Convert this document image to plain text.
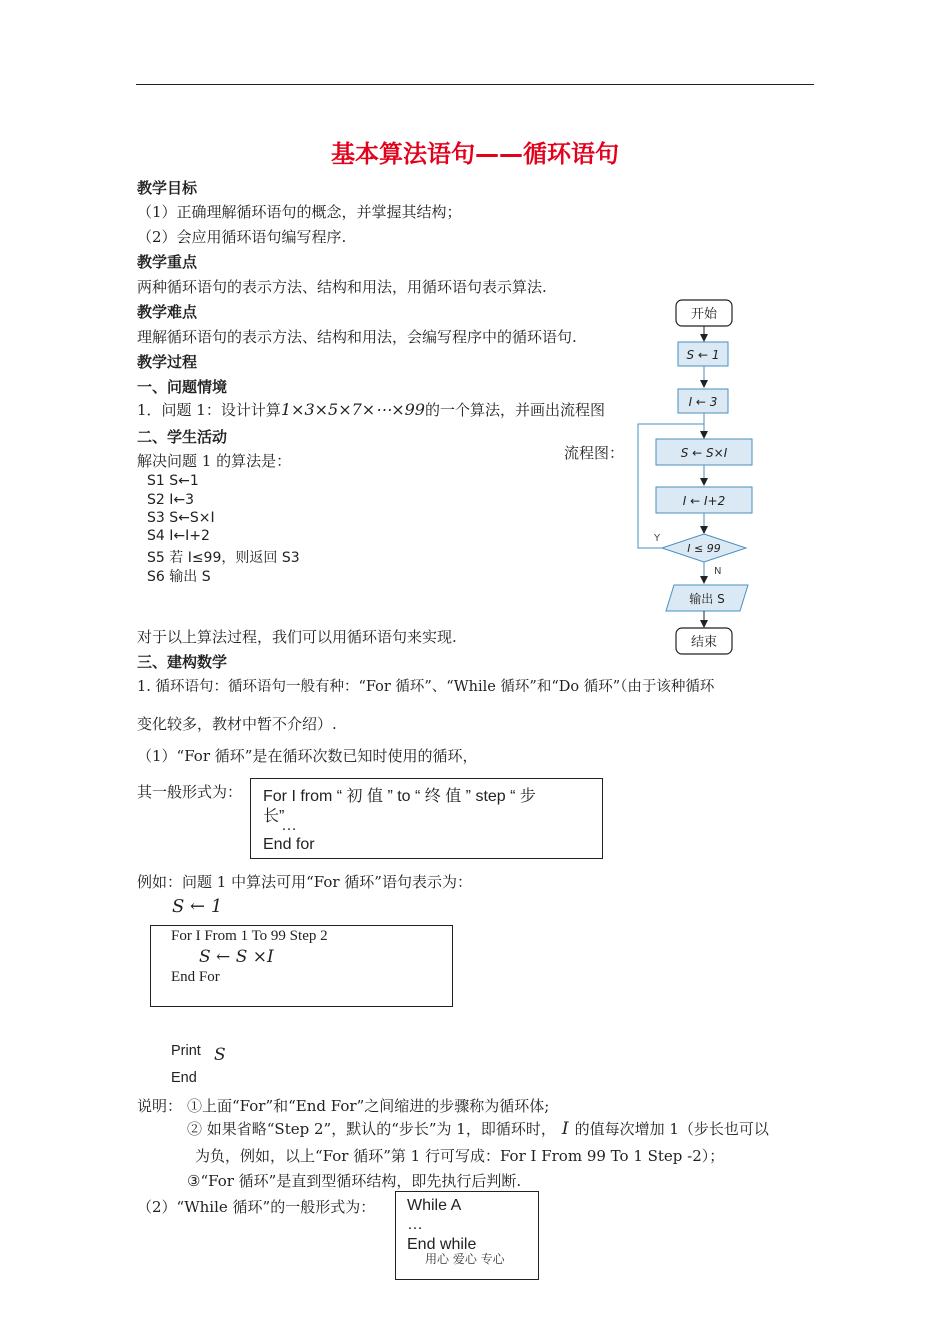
基本算法语句——循环语句
教学目标
（1）正确理解循环语句的概念，并掌握其结构；
（2）会应用循环语句编写程序.
教学重点
两种循环语句的表示方法、结构和用法，用循环语句表示算法.
教学难点
理解循环语句的表示方法、结构和用法，会编写程序中的循环语句.
教学过程
一、问题情境
1．问题 1：设计计算1×3×5×7×⋯×99的一个算法，并画出流程图
二、学生活动
解决问题 1 的算法是：
S1 S←1
S2 I←3
S3 S←S×I
S4 I←I+2
S5 若 I≤99，则返回 S3
S6 输出 S
流程图：
开始
S ← 1
I ← 3
S ← S×I
I ← I+2
I ≤ 99
Y
N
输出 S
结束
对于以上算法过程，我们可以用循环语句来实现.
三、建构数学
1. 循环语句：循环语句一般有种：“For 循环”、“While 循环”和“Do 循环”（由于该种循环
变化较多，教材中暂不介绍）.
（1）“For 循环”是在循环次数已知时使用的循环，
其一般形式为： For I from “ 初 值 ” to “ 终 值 ” step “ 步
长”
…
End for
例如：问题 1 中算法可用“For 循环”语句表示为：
S ← 1
For I From 1 To 99 Step 2
S ← S ×I
End For
Print S
End
说明： ①上面“For”和“End For”之间缩进的步骤称为循环体;
② 如果省略“Step 2”，默认的“步长”为 1，即循环时， I 的值每次增加 1（步长也可以
为负，例如，以上“For 循环”第 1 行可写成：For I From 99 To 1 Step -2）；
③“For 循环”是直到型循环结构，即先执行后判断.
（2）“While 循环”的一般形式为： While A
…
End while
用心 爱心 专心
